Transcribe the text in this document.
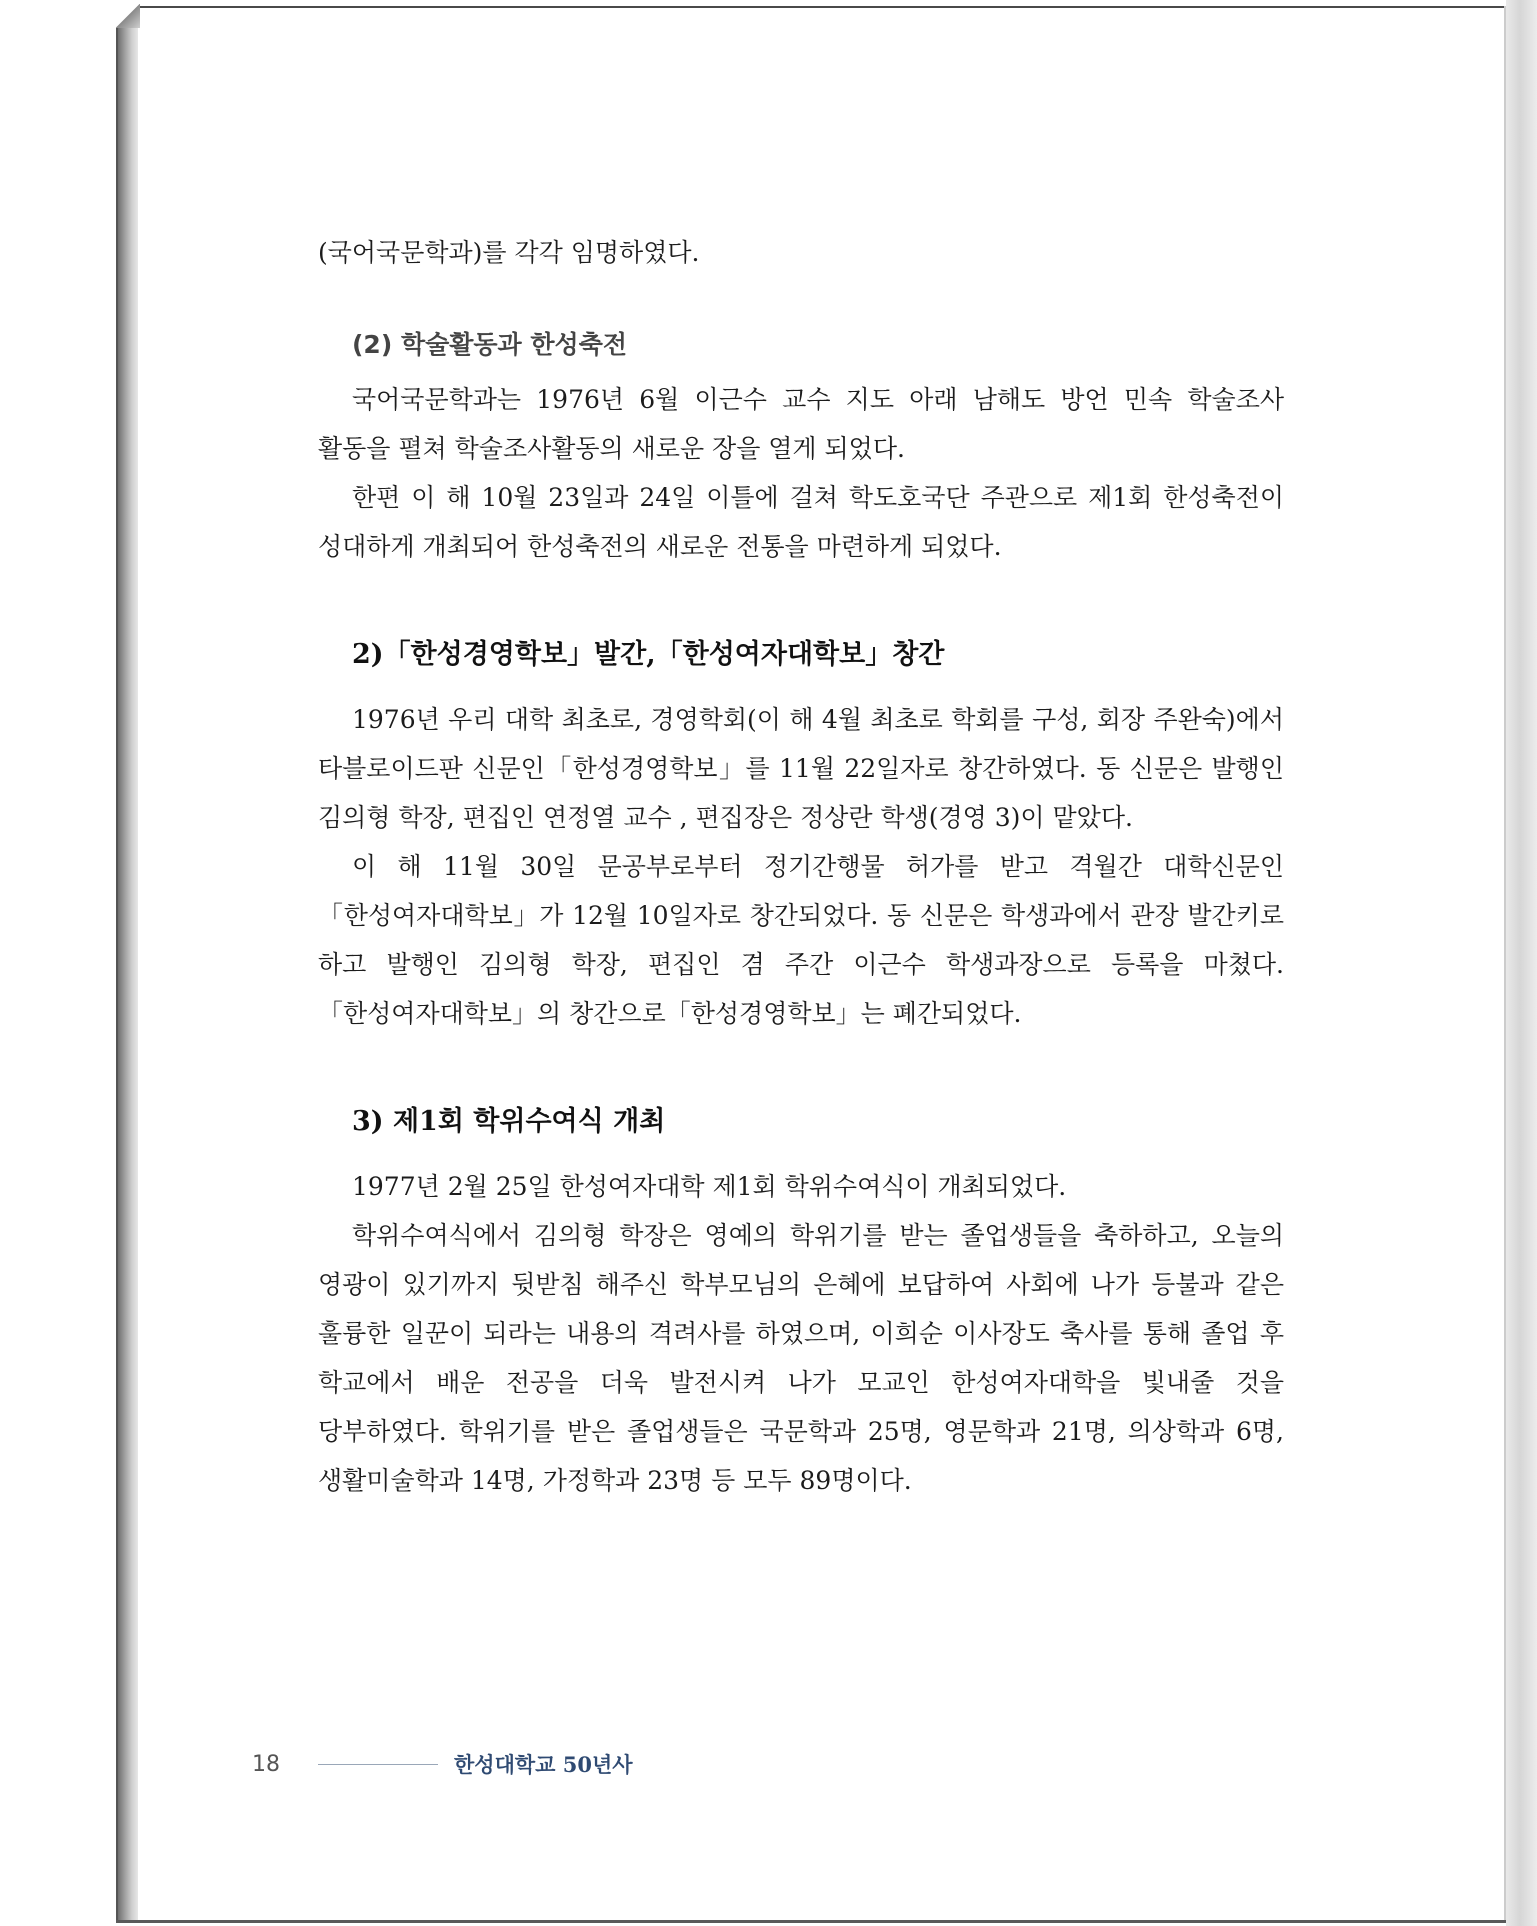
(국어국문학과)를 각각 임명하였다.

(2) 학술활동과 한성축전

국어국문학과는 1976년 6월 이근수 교수 지도 아래 남해도 방언 민속 학술조사 활동을 펼쳐 학술조사활동의 새로운 장을 열게 되었다.

한편 이 해 10월 23일과 24일 이틀에 걸쳐 학도호국단 주관으로 제1회 한성축전이 성대하게 개최되어 한성축전의 새로운 전통을 마련하게 되었다.

2)「한성경영학보」발간,「한성여자대학보」창간

1976년 우리 대학 최초로, 경영학회(이 해 4월 최초로 학회를 구성, 회장 주완숙)에서 타블로이드판 신문인「한성경영학보」를 11월 22일자로 창간하였다. 동 신문은 발행인 김의형 학장, 편집인 연정열 교수 , 편집장은 정상란 학생(경영 3)이 맡았다.

이 해 11월 30일 문공부로부터 정기간행물 허가를 받고 격월간 대학신문인「한성여자대학보」가 12월 10일자로 창간되었다. 동 신문은 학생과에서 관장 발간키로 하고 발행인 김의형 학장, 편집인 겸 주간 이근수 학생과장으로 등록을 마쳤다.「한성여자대학보」의 창간으로「한성경영학보」는 폐간되었다.

3) 제1회 학위수여식 개최

1977년 2월 25일 한성여자대학 제1회 학위수여식이 개최되었다.

학위수여식에서 김의형 학장은 영예의 학위기를 받는 졸업생들을 축하하고, 오늘의 영광이 있기까지 뒷받침 해주신 학부모님의 은혜에 보답하여 사회에 나가 등불과 같은 훌륭한 일꾼이 되라는 내용의 격려사를 하였으며, 이희순 이사장도 축사를 통해 졸업 후 학교에서 배운 전공을 더욱 발전시켜 나가 모교인 한성여자대학을 빛내줄 것을 당부하였다. 학위기를 받은 졸업생들은 국문학과 25명, 영문학과 21명, 의상학과 6명, 생활미술학과 14명, 가정학과 23명 등 모두 89명이다.

18	한성대학교 50년사
